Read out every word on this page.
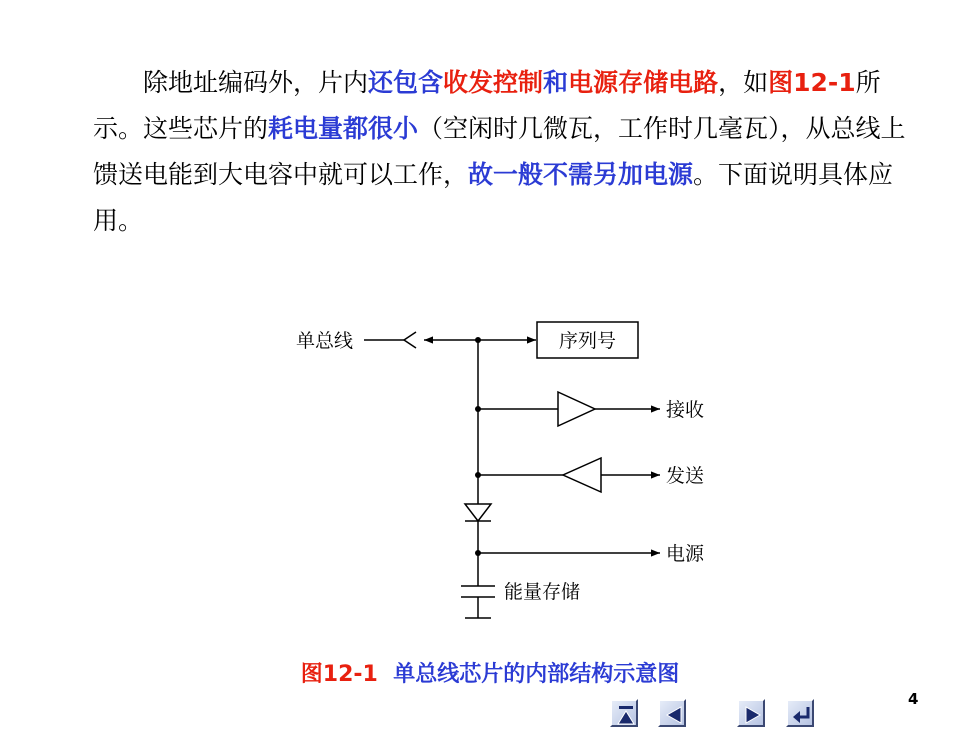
除地址编码外，片内还包含收发控制和电源存储电路，如图12-1所示。这些芯片的耗电量都很小（空闲时几微瓦，工作时几毫瓦），从总线上馈送电能到大电容中就可以工作，故一般不需另加电源。下面说明具体应用。

单总线	序列号
接收
发送
电源
能量存储
图12-1 单总线芯片的内部结构示意图
4
